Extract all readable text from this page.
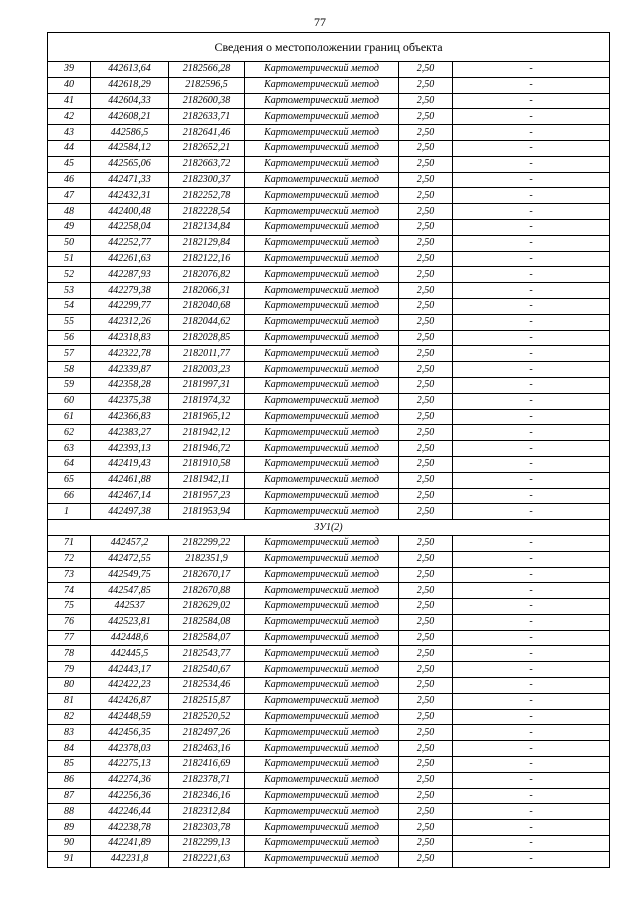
77
Сведения о местоположении границ объекта					
39	442613,64	2182566,28	Картометрический метод	2,50	-
40	442618,29	2182596,5	Картометрический метод	2,50	-
41	442604,33	2182600,38	Картометрический метод	2,50	-
42	442608,21	2182633,71	Картометрический метод	2,50	-
43	442586,5	2182641,46	Картометрический метод	2,50	-
44	442584,12	2182652,21	Картометрический метод	2,50	-
45	442565,06	2182663,72	Картометрический метод	2,50	-
46	442471,33	2182300,37	Картометрический метод	2,50	-
47	442432,31	2182252,78	Картометрический метод	2,50	-
48	442400,48	2182228,54	Картометрический метод	2,50	-
49	442258,04	2182134,84	Картометрический метод	2,50	-
50	442252,77	2182129,84	Картометрический метод	2,50	-
51	442261,63	2182122,16	Картометрический метод	2,50	-
52	442287,93	2182076,82	Картометрический метод	2,50	-
53	442279,38	2182066,31	Картометрический метод	2,50	-
54	442299,77	2182040,68	Картометрический метод	2,50	-
55	442312,26	2182044,62	Картометрический метод	2,50	-
56	442318,83	2182028,85	Картометрический метод	2,50	-
57	442322,78	2182011,77	Картометрический метод	2,50	-
58	442339,87	2182003,23	Картометрический метод	2,50	-
59	442358,28	2181997,31	Картометрический метод	2,50	-
60	442375,38	2181974,32	Картометрический метод	2,50	-
61	442366,83	2181965,12	Картометрический метод	2,50	-
62	442383,27	2181942,12	Картометрический метод	2,50	-
63	442393,13	2181946,72	Картометрический метод	2,50	-
64	442419,43	2181910,58	Картометрический метод	2,50	-
65	442461,88	2181942,11	Картометрический метод	2,50	-
66	442467,14	2181957,23	Картометрический метод	2,50	-
1	442497,38	2181953,94	Картометрический метод	2,50	-
ЗУ1(2)					
71	442457,2	2182299,22	Картометрический метод	2,50	-
72	442472,55	2182351,9	Картометрический метод	2,50	-
73	442549,75	2182670,17	Картометрический метод	2,50	-
74	442547,85	2182670,88	Картометрический метод	2,50	-
75	442537	2182629,02	Картометрический метод	2,50	-
76	442523,81	2182584,08	Картометрический метод	2,50	-
77	442448,6	2182584,07	Картометрический метод	2,50	-
78	442445,5	2182543,77	Картометрический метод	2,50	-
79	442443,17	2182540,67	Картометрический метод	2,50	-
80	442422,23	2182534,46	Картометрический метод	2,50	-
81	442426,87	2182515,87	Картометрический метод	2,50	-
82	442448,59	2182520,52	Картометрический метод	2,50	-
83	442456,35	2182497,26	Картометрический метод	2,50	-
84	442378,03	2182463,16	Картометрический метод	2,50	-
85	442275,13	2182416,69	Картометрический метод	2,50	-
86	442274,36	2182378,71	Картометрический метод	2,50	-
87	442256,36	2182346,16	Картометрический метод	2,50	-
88	442246,44	2182312,84	Картометрический метод	2,50	-
89	442238,78	2182303,78	Картометрический метод	2,50	-
90	442241,89	2182299,13	Картометрический метод	2,50	-
91	442231,8	2182221,63	Картометрический метод	2,50	-
